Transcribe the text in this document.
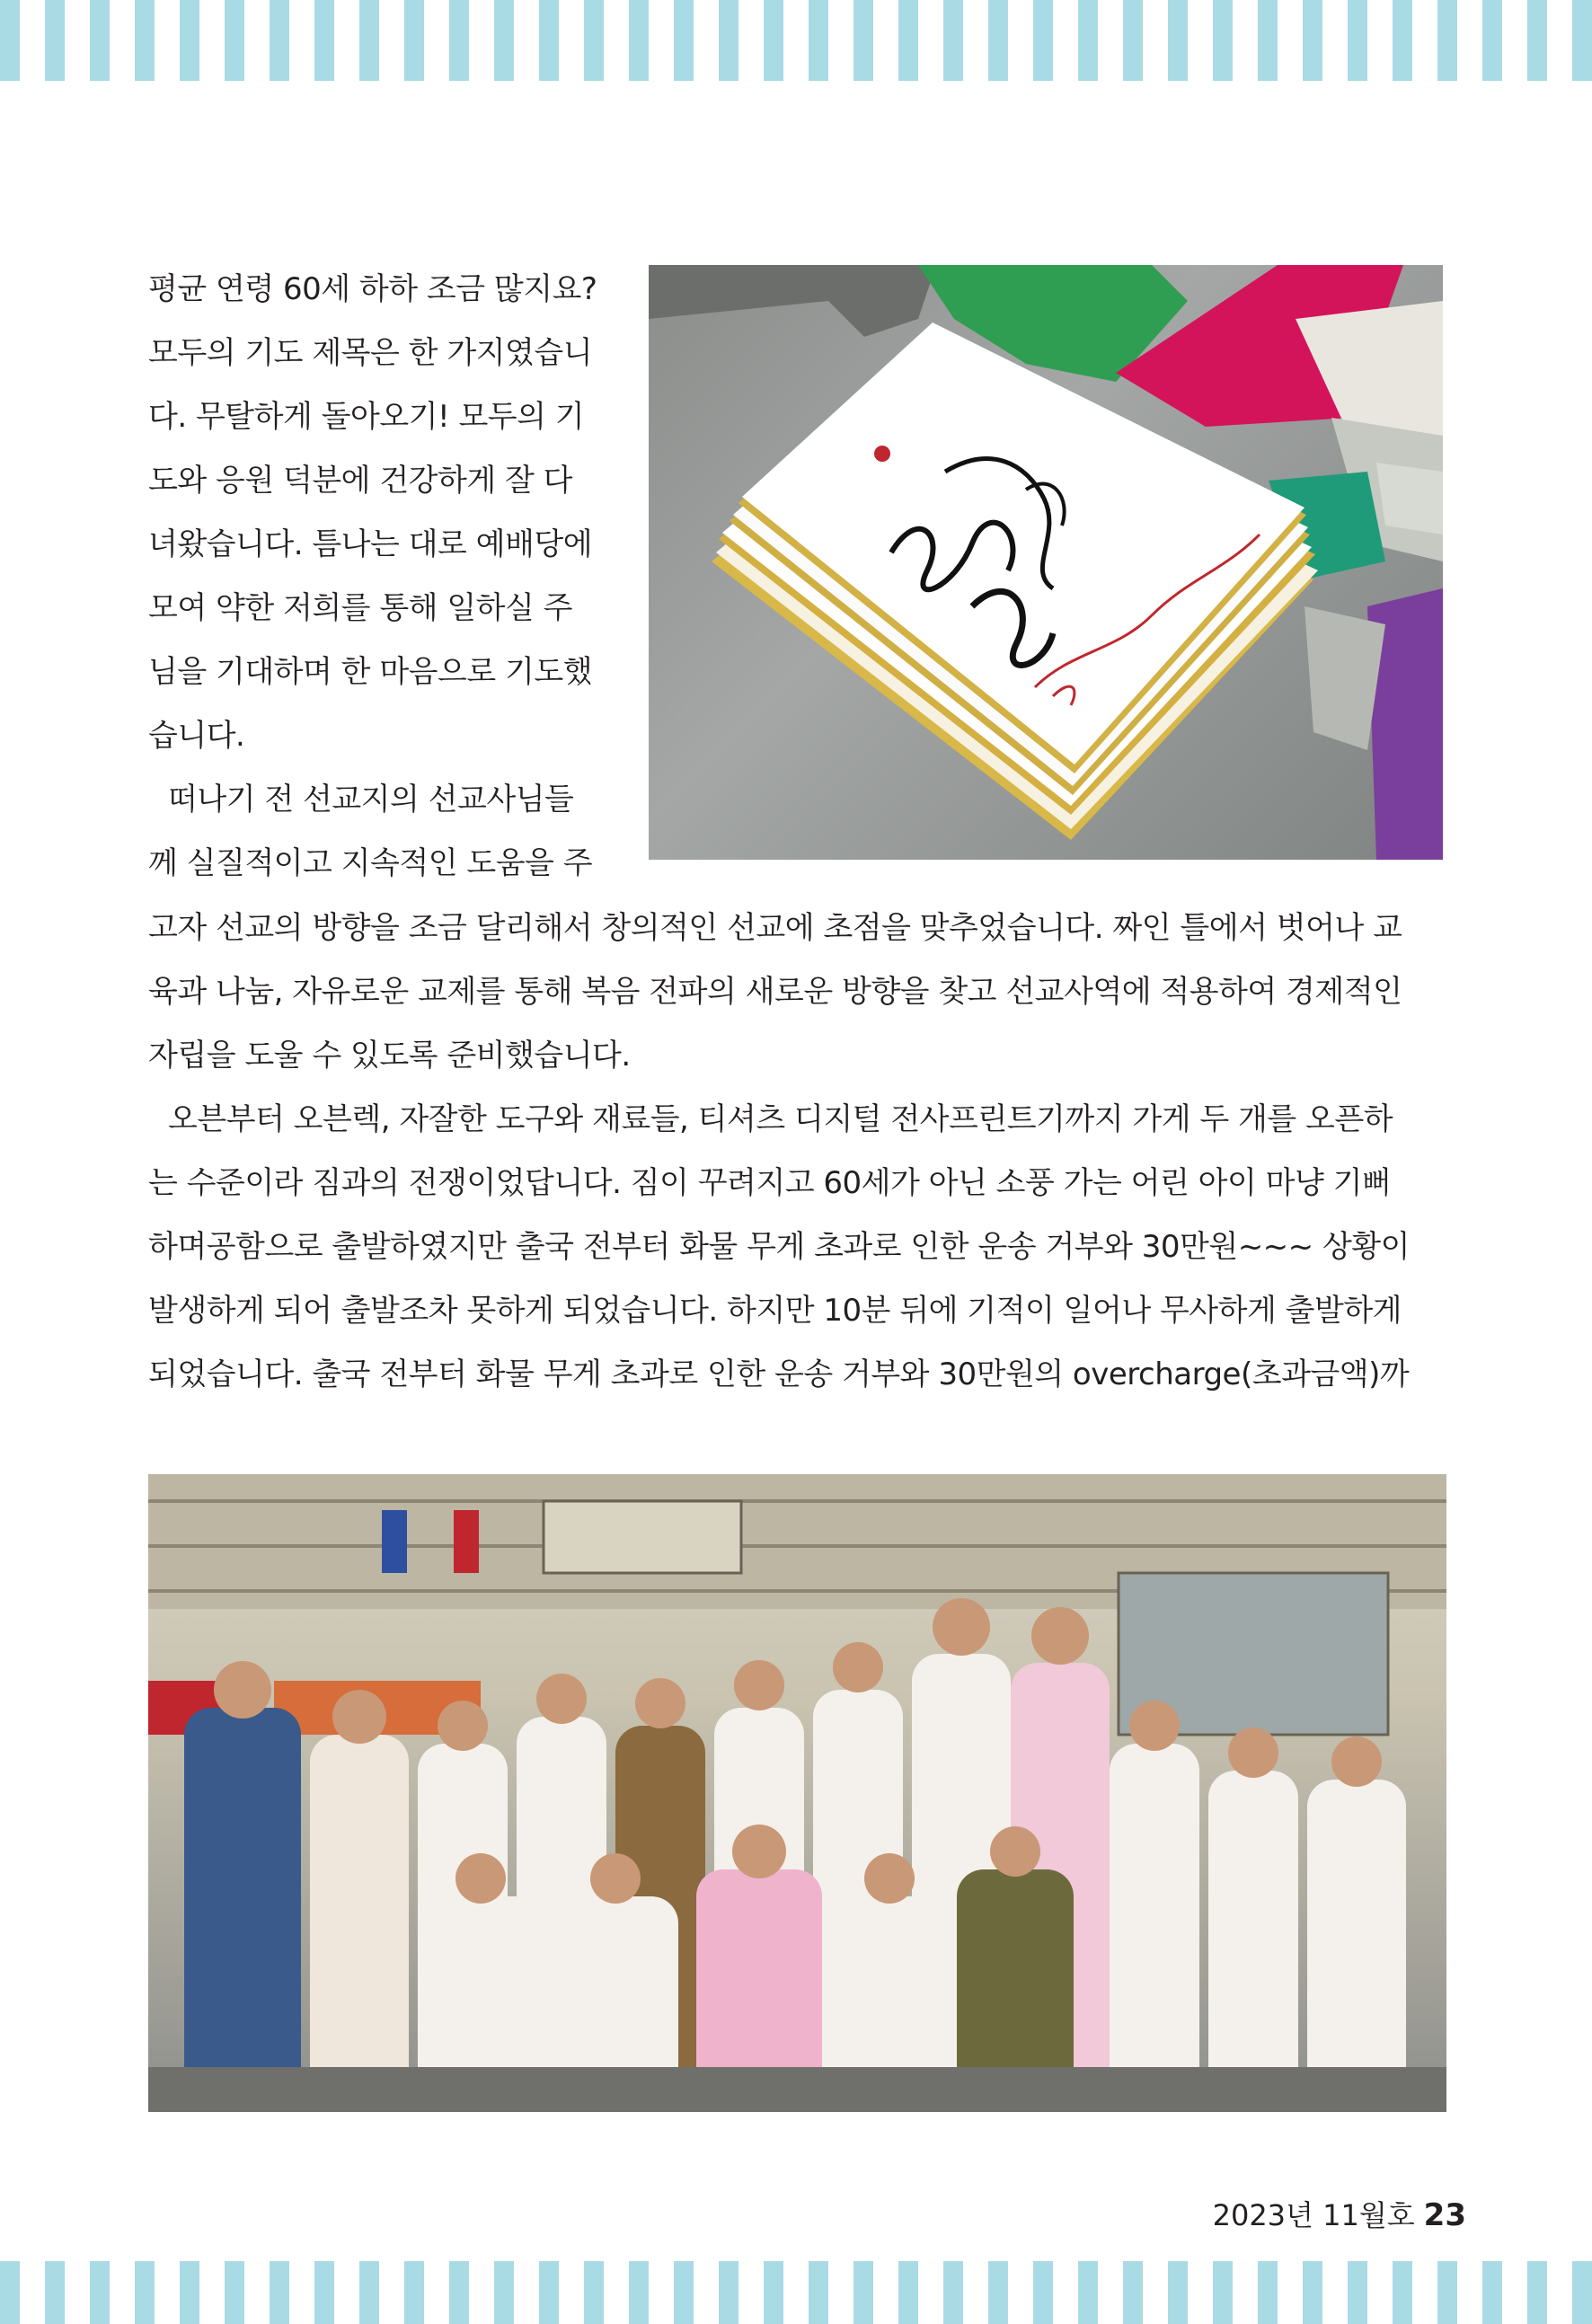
평균 연령 60세 하하 조금 많지요?
모두의 기도 제목은 한 가지였습니
다. 무탈하게 돌아오기! 모두의 기
도와 응원 덕분에 건강하게 잘 다
녀왔습니다. 틈나는 대로 예배당에
모여 약한 저희를 통해 일하실 주
님을 기대하며 한 마음으로 기도했
습니다.
떠나기 전 선교지의 선교사님들
께 실질적이고 지속적인 도움을 주
고자 선교의 방향을 조금 달리해서 창의적인 선교에 초점을 맞추었습니다. 짜인 틀에서 벗어나 교
육과 나눔, 자유로운 교제를 통해 복음 전파의 새로운 방향을 찾고 선교사역에 적용하여 경제적인
자립을 도울 수 있도록 준비했습니다.
오븐부터 오븐렉, 자잘한 도구와 재료들, 티셔츠 디지털 전사프린트기까지 가게 두 개를 오픈하
는 수준이라 짐과의 전쟁이었답니다. 짐이 꾸려지고 60세가 아닌 소풍 가는 어린 아이 마냥 기뻐
하며공함으로 출발하였지만 출국 전부터 화물 무게 초과로 인한 운송 거부와 30만원~~~ 상황이
발생하게 되어 출발조차 못하게 되었습니다. 하지만 10분 뒤에 기적이 일어나 무사하게 출발하게
되었습니다. 출국 전부터 화물 무게 초과로 인한 운송 거부와 30만원의 overcharge(초과금액)까
2023년 11월호 23
